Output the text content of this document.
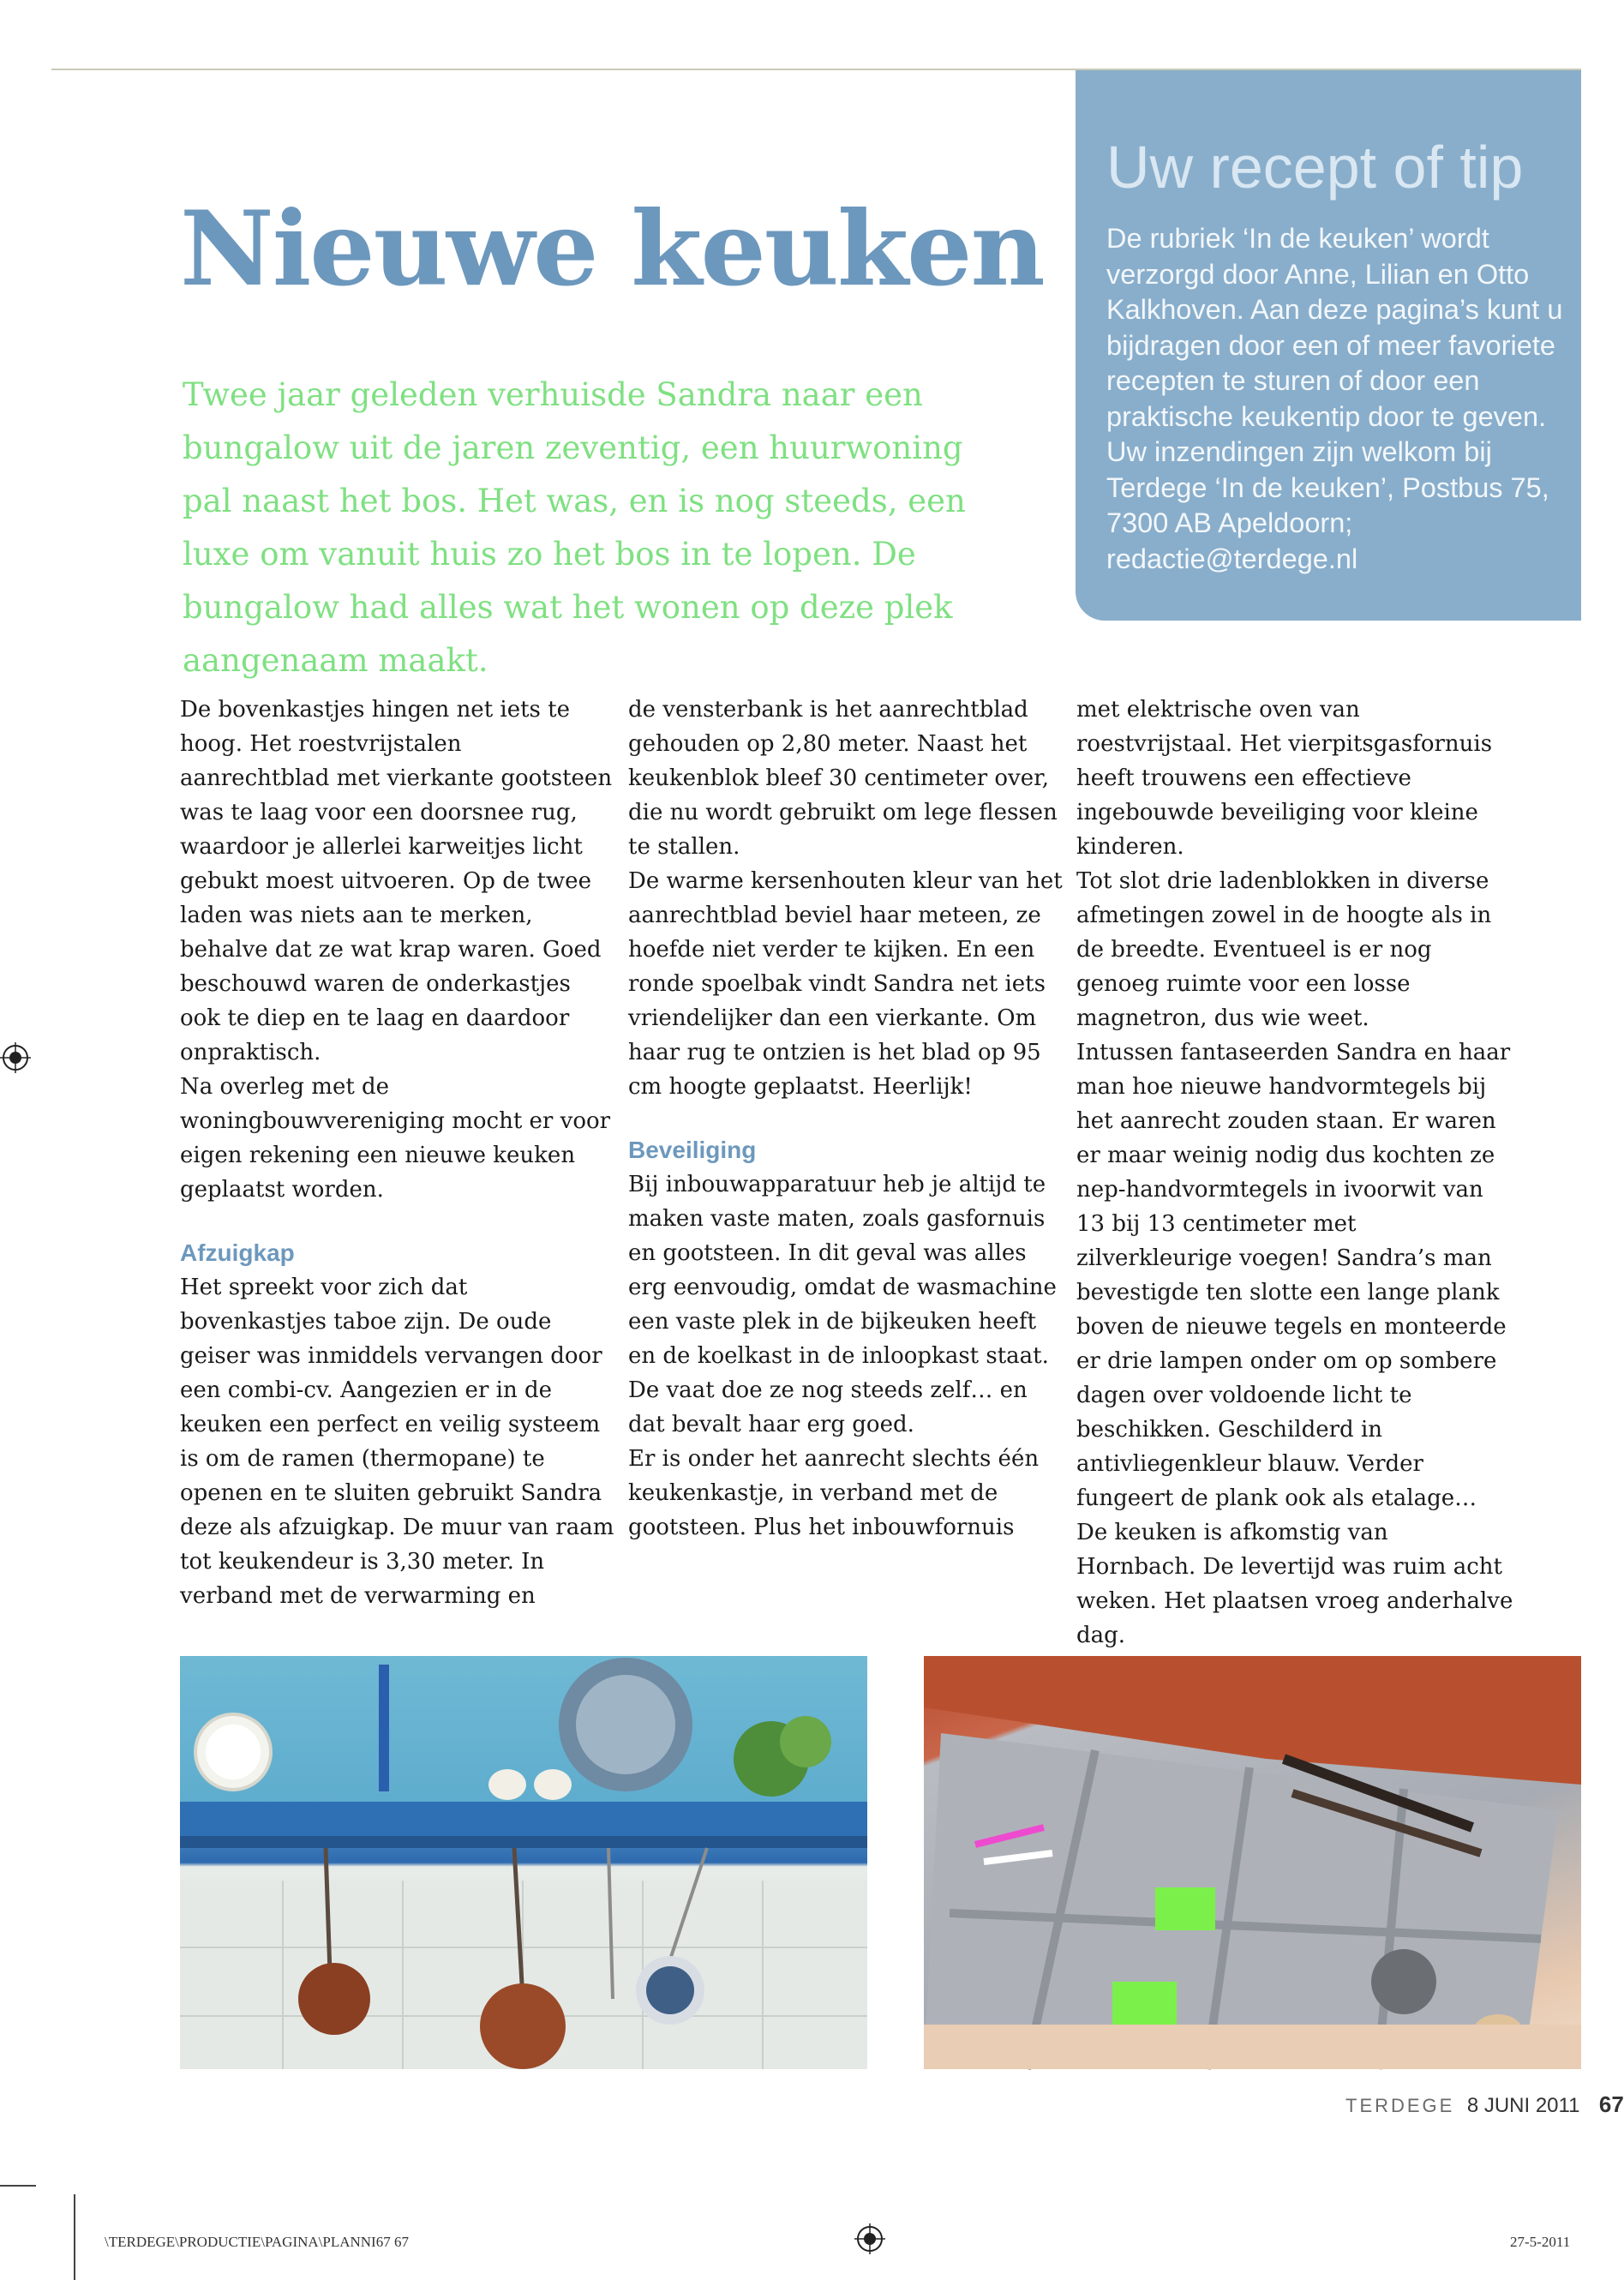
Nieuwe keuken

Twee jaar geleden verhuisde Sandra naar een bungalow uit de jaren zeventig, een huurwoning pal naast het bos. Het was, en is nog steeds, een luxe om vanuit huis zo het bos in te lopen. De bungalow had alles wat het wonen op deze plek aangenaam maakt.

Uw recept of tip

De rubriek ‘In de keuken’ wordt verzorgd door Anne, Lilian en Otto Kalkhoven. Aan deze pagina’s kunt u bijdragen door een of meer favoriete recepten te sturen of door een praktische keukentip door te geven. Uw inzendingen zijn welkom bij Terdege ‘In de keuken’, Postbus 75, 7300 AB Apeldoorn; redactie@terdege.nl

De bovenkastjes hingen net iets te hoog. Het roestvrijstalen aanrechtblad met vierkante gootsteen was te laag voor een doorsnee rug, waardoor je allerlei karweitjes licht gebukt moest uitvoeren. Op de twee laden was niets aan te merken, behalve dat ze wat krap waren. Goed beschouwd waren de onderkastjes ook te diep en te laag en daardoor onpraktisch.

Na overleg met de woningbouwvereniging mocht er voor eigen rekening een nieuwe keuken geplaatst worden.

Afzuigkap

Het spreekt voor zich dat bovenkastjes taboe zijn. De oude geiser was inmiddels vervangen door een combi-cv. Aangezien er in de keuken een perfect en veilig systeem is om de ramen (thermopane) te openen en te sluiten gebruikt Sandra deze als afzuigkap. De muur van raam tot keukendeur is 3,30 meter. In verband met de verwarming en

de vensterbank is het aanrechtblad gehouden op 2,80 meter. Naast het keukenblok bleef 30 centimeter over, die nu wordt gebruikt om lege flessen te stallen.

De warme kersenhouten kleur van het aanrechtblad beviel haar meteen, ze hoefde niet verder te kijken. En een ronde spoelbak vindt Sandra net iets vriendelijker dan een vierkante. Om haar rug te ontzien is het blad op 95 cm hoogte geplaatst. Heerlijk!

Beveiliging

Bij inbouwapparatuur heb je altijd te maken vaste maten, zoals gasfornuis en gootsteen. In dit geval was alles erg eenvoudig, omdat de wasmachine een vaste plek in de bijkeuken heeft en de koelkast in de inloopkast staat. De vaat doe ze nog steeds zelf… en dat bevalt haar erg goed.

Er is onder het aanrecht slechts één keukenkastje, in verband met de gootsteen. Plus het inbouwfornuis

met elektrische oven van roestvrijstaal. Het vierpitsgasfornuis heeft trouwens een effectieve ingebouwde beveiliging voor kleine kinderen.

Tot slot drie ladenblokken in diverse afmetingen zowel in de hoogte als in de breedte. Eventueel is er nog genoeg ruimte voor een losse magnetron, dus wie weet.

Intussen fantaseerden Sandra en haar man hoe nieuwe handvormtegels bij het aanrecht zouden staan. Er waren er maar weinig nodig dus kochten ze nep-handvormtegels in ivoorwit van 13 bij 13 centimeter met zilverkleurige voegen! Sandra’s man bevestigde ten slotte een lange plank boven de nieuwe tegels en monteerde er drie lampen onder om op sombere dagen over voldoende licht te beschikken. Geschilderd in antivliegenkleur blauw. Verder fungeert de plank ook als etalage…

De keuken is afkomstig van Hornbach. De levertijd was ruim acht weken. Het plaatsen vroeg anderhalve dag.

TERDEGE 8 JUNI 2011 67
\TERDEGE\PRODUCTIE\PAGINA\PLANNI67 67	27-5-2011
